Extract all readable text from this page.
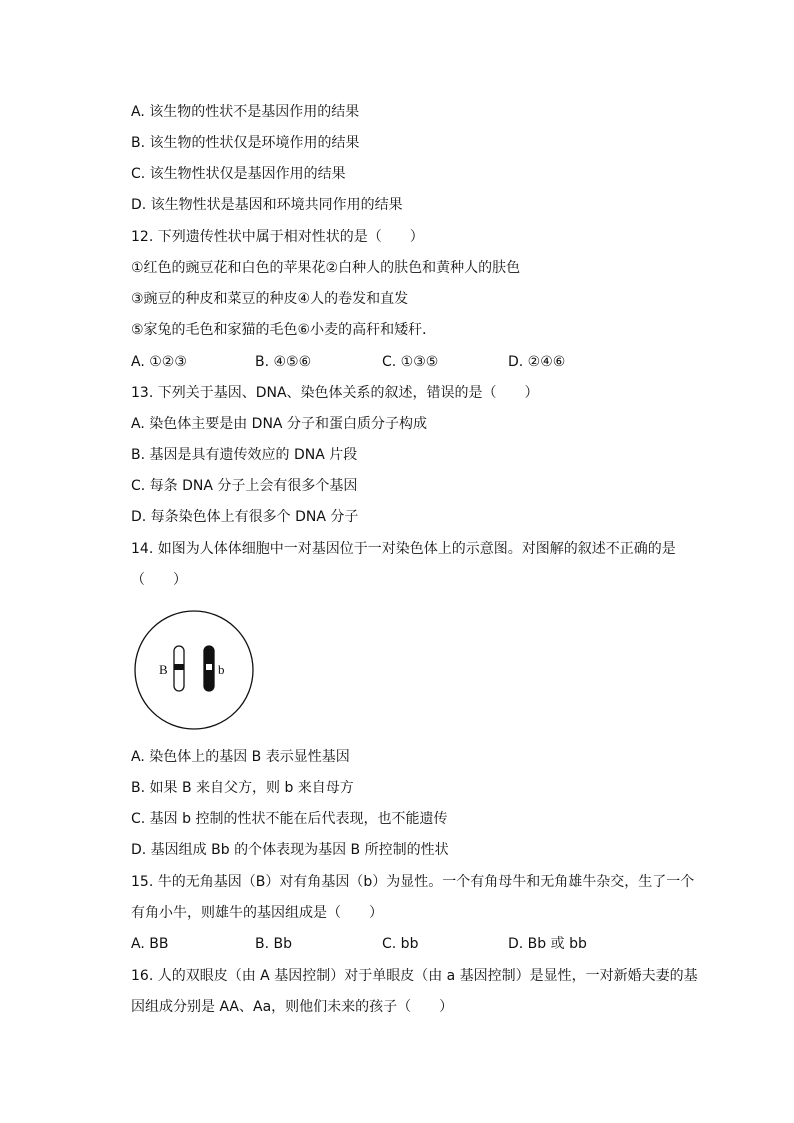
A. 该生物的性状不是基因作用的结果
B. 该生物的性状仅是环境作用的结果
C. 该生物性状仅是基因作用的结果
D. 该生物性状是基因和环境共同作用的结果
12. 下列遗传性状中属于相对性状的是（　　）
①红色的豌豆花和白色的苹果花②白种人的肤色和黄种人的肤色
③豌豆的种皮和菜豆的种皮④人的卷发和直发
⑤家兔的毛色和家猫的毛色⑥小麦的高秆和矮秆．
A. ①②③	B. ④⑤⑥	C. ①③⑤	D. ②④⑥
13. 下列关于基因、DNA、染色体关系的叙述，错误的是（　　）
A. 染色体主要是由 DNA 分子和蛋白质分子构成
B. 基因是具有遗传效应的 DNA 片段
C. 每条 DNA 分子上会有很多个基因
D. 每条染色体上有很多个 DNA 分子
14. 如图为人体体细胞中一对基因位于一对染色体上的示意图。对图解的叙述不正确的是
（　　）
B	b
A. 染色体上的基因 B 表示显性基因
B. 如果 B 来自父方，则 b 来自母方
C. 基因 b 控制的性状不能在后代表现，也不能遗传
D. 基因组成 Bb 的个体表现为基因 B 所控制的性状
15. 牛的无角基因（B）对有角基因（b）为显性。一个有角母牛和无角雄牛杂交，生了一个
有角小牛，则雄牛的基因组成是（　　）
A. BB	B. Bb	C. bb	D. Bb 或 bb
16. 人的双眼皮（由 A 基因控制）对于单眼皮（由 a 基因控制）是显性，一对新婚夫妻的基
因组成分别是 AA、Aa，则他们未来的孩子（　　）
